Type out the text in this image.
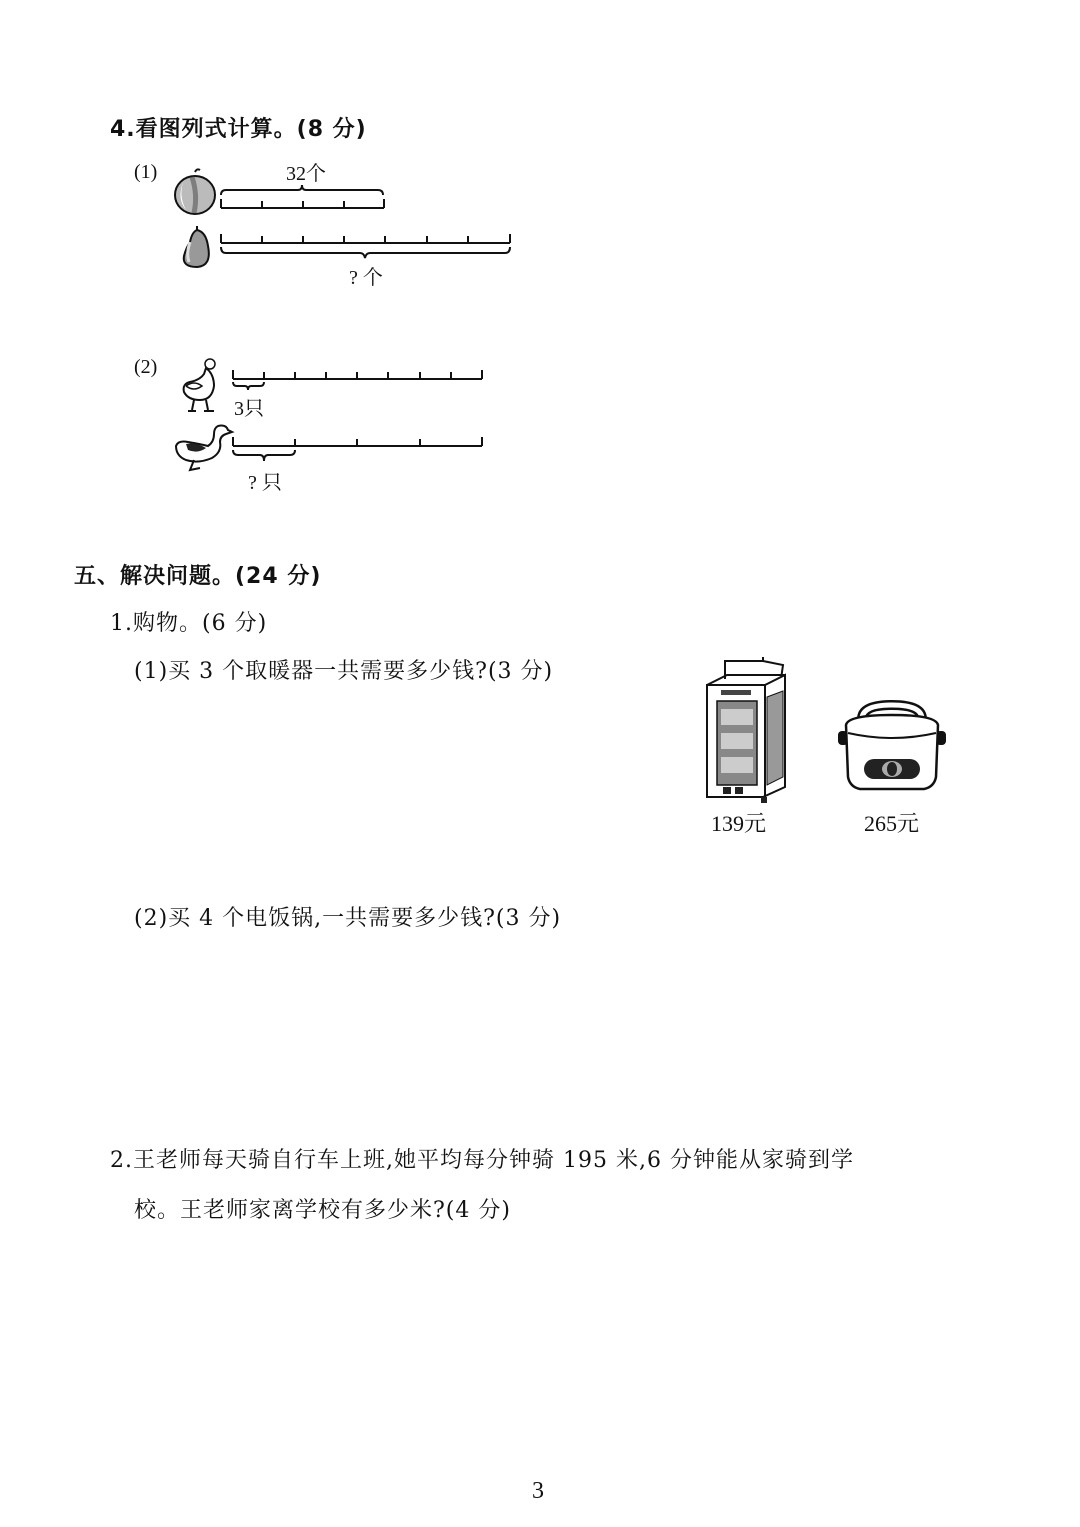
4.看图列式计算。(8 分)
(1)	32个
? 个
(2)
3只
? 只
五、解决问题。(24 分)
1.购物。(6 分)
(1)买 3 个取暖器一共需要多少钱?(3 分)
139元	265元
(2)买 4 个电饭锅,一共需要多少钱?(3 分)
2.王老师每天骑自行车上班,她平均每分钟骑 195 米,6 分钟能从家骑到学
校。王老师家离学校有多少米?(4 分)
3
